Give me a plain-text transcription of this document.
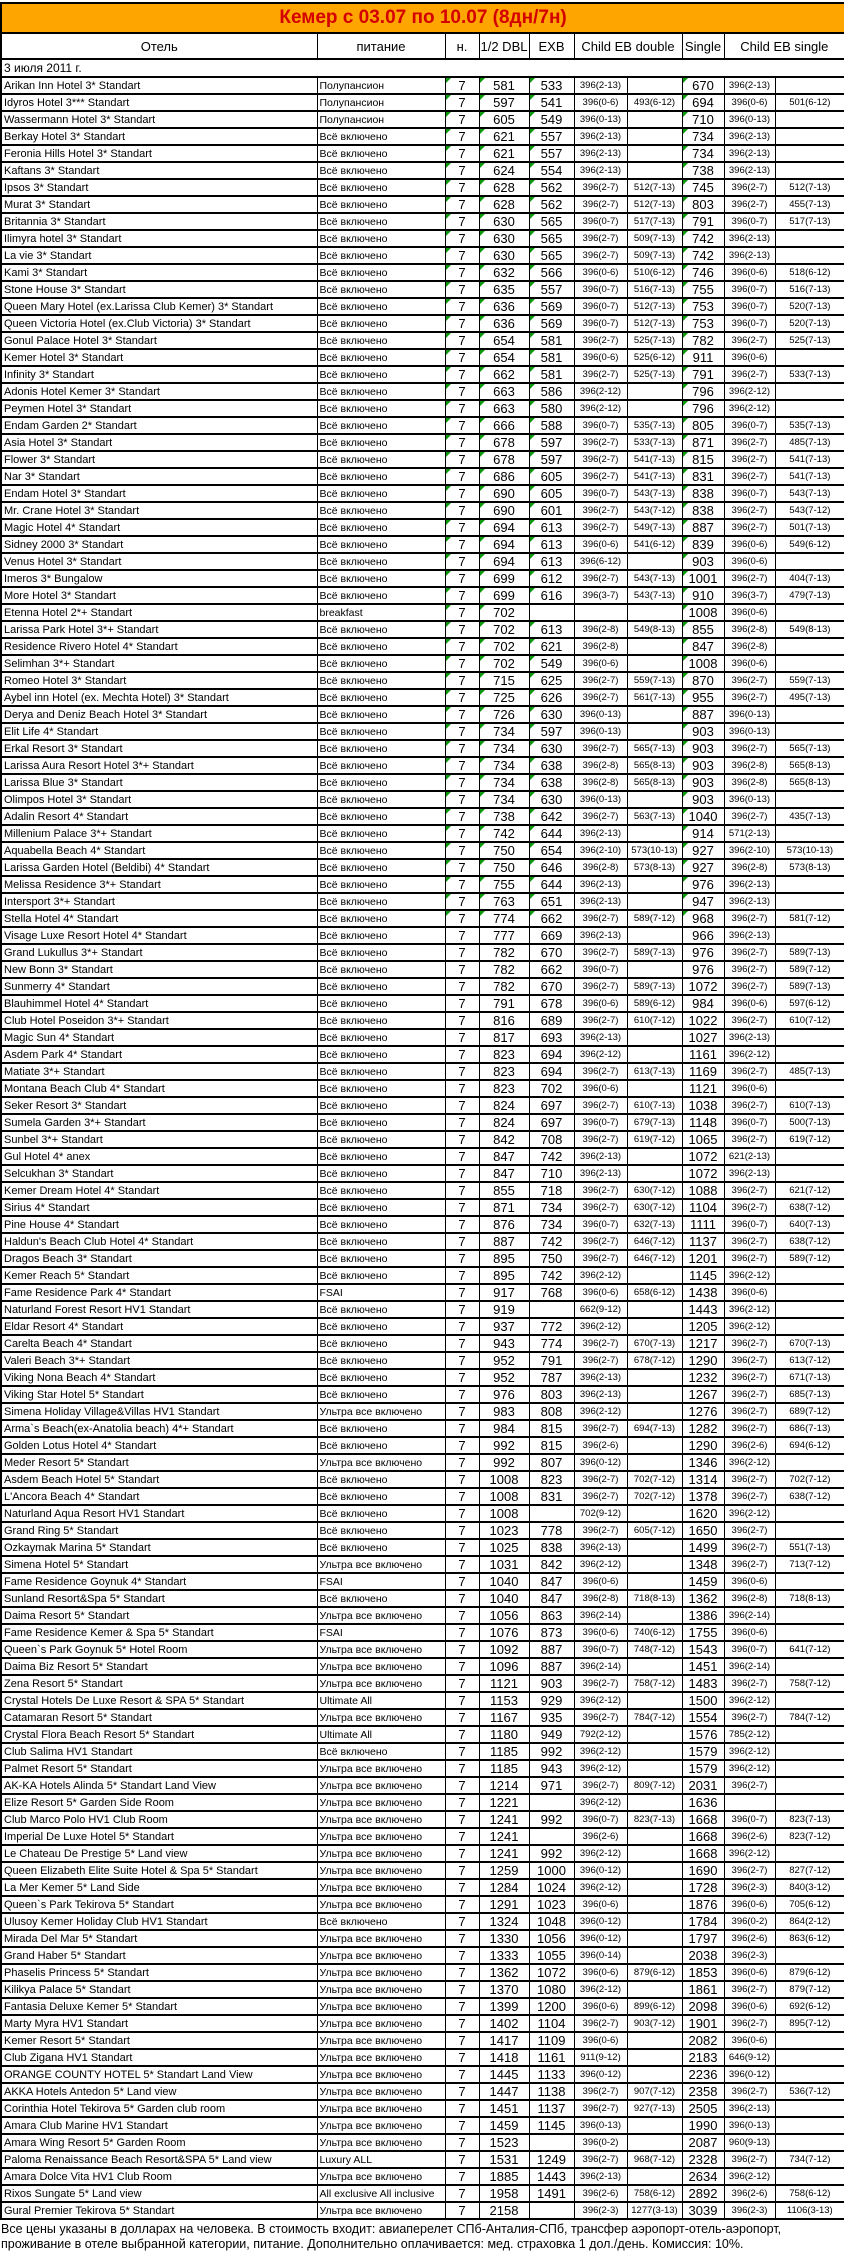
Кемер с 03.07 по 10.07 (8дн/7н)									
Отель	питание	н.	1/2 DBL	EXB	Child EB double		Single	Child EB single	
3 июля 2011 г.									
Arikan Inn Hotel 3* Standart	Полупансион	7	581	533	396(2-13)		670	396(2-13)	
Idyros Hotel 3*** Standart	Полупансион	7	597	541	396(0-6)	493(6-12)	694	396(0-6)	501(6-12)
Wassermann Hotel 3* Standart	Полупансион	7	605	549	396(0-13)		710	396(0-13)	
Berkay Hotel 3* Standart	Всё включено	7	621	557	396(2-13)		734	396(2-13)	
Feronia Hills Hotel 3* Standart	Всё включено	7	621	557	396(2-13)		734	396(2-13)	
Kaftans 3* Standart	Всё включено	7	624	554	396(2-13)		738	396(2-13)	
Ipsos 3* Standart	Всё включено	7	628	562	396(2-7)	512(7-13)	745	396(2-7)	512(7-13)
Murat 3* Standart	Всё включено	7	628	562	396(2-7)	512(7-13)	803	396(2-7)	455(7-13)
Britannia 3* Standart	Всё включено	7	630	565	396(0-7)	517(7-13)	791	396(0-7)	517(7-13)
Ilimyra hotel 3* Standart	Всё включено	7	630	565	396(2-7)	509(7-13)	742	396(2-13)	
La vie 3* Standart	Всё включено	7	630	565	396(2-7)	509(7-13)	742	396(2-13)	
Kami 3* Standart	Всё включено	7	632	566	396(0-6)	510(6-12)	746	396(0-6)	518(6-12)
Stone House 3* Standart	Всё включено	7	635	557	396(0-7)	516(7-13)	755	396(0-7)	516(7-13)
Queen Mary Hotel (ex.Larissa Club Kemer) 3* Standart	Всё включено	7	636	569	396(0-7)	512(7-13)	753	396(0-7)	520(7-13)
Queen Victoria Hotel (ex.Club Victoria) 3* Standart	Всё включено	7	636	569	396(0-7)	512(7-13)	753	396(0-7)	520(7-13)
Gonul Palace Hotel 3* Standart	Всё включено	7	654	581	396(2-7)	525(7-13)	782	396(2-7)	525(7-13)
Kemer Hotel 3* Standart	Всё включено	7	654	581	396(0-6)	525(6-12)	911	396(0-6)	
Infinity 3* Standart	Всё включено	7	662	581	396(2-7)	525(7-13)	791	396(2-7)	533(7-13)
Adonis Hotel Kemer 3* Standart	Всё включено	7	663	586	396(2-12)		796	396(2-12)	
Peymen Hotel 3* Standart	Всё включено	7	663	580	396(2-12)		796	396(2-12)	
Endam Garden 2* Standart	Всё включено	7	666	588	396(0-7)	535(7-13)	805	396(0-7)	535(7-13)
Asia Hotel 3* Standart	Всё включено	7	678	597	396(2-7)	533(7-13)	871	396(2-7)	485(7-13)
Flower 3* Standart	Всё включено	7	678	597	396(2-7)	541(7-13)	815	396(2-7)	541(7-13)
Nar 3* Standart	Всё включено	7	686	605	396(2-7)	541(7-13)	831	396(2-7)	541(7-13)
Endam Hotel 3* Standart	Всё включено	7	690	605	396(0-7)	543(7-13)	838	396(0-7)	543(7-13)
Mr. Crane Hotel 3* Standart	Всё включено	7	690	601	396(2-7)	543(7-12)	838	396(2-7)	543(7-12)
Magic Hotel 4* Standart	Всё включено	7	694	613	396(2-7)	549(7-13)	887	396(2-7)	501(7-13)
Sidney 2000 3* Standart	Всё включено	7	694	613	396(0-6)	541(6-12)	839	396(0-6)	549(6-12)
Venus Hotel 3* Standart	Всё включено	7	694	613	396(6-12)		903	396(0-6)	
Imeros 3* Bungalow	Всё включено	7	699	612	396(2-7)	543(7-13)	1001	396(2-7)	404(7-13)
More Hotel 3* Standart	Всё включено	7	699	616	396(3-7)	543(7-13)	910	396(3-7)	479(7-13)
Etenna Hotel 2*+ Standart	breakfast	7	702				1008	396(0-6)	
Larissa Park Hotel 3*+ Standart	Всё включено	7	702	613	396(2-8)	549(8-13)	855	396(2-8)	549(8-13)
Residence Rivero Hotel 4* Standart	Всё включено	7	702	621	396(2-8)		847	396(2-8)	
Selimhan 3*+ Standart	Всё включено	7	702	549	396(0-6)		1008	396(0-6)	
Romeo Hotel 3* Standart	Всё включено	7	715	625	396(2-7)	559(7-13)	870	396(2-7)	559(7-13)
Aybel inn Hotel (ex. Mechta Hotel) 3* Standart	Всё включено	7	725	626	396(2-7)	561(7-13)	955	396(2-7)	495(7-13)
Derya and Deniz Beach Hotel 3* Standart	Всё включено	7	726	630	396(0-13)		887	396(0-13)	
Elit Life 4* Standart	Всё включено	7	734	597	396(0-13)		903	396(0-13)	
Erkal Resort 3* Standart	Всё включено	7	734	630	396(2-7)	565(7-13)	903	396(2-7)	565(7-13)
Larissa Aura Resort Hotel 3*+ Standart	Всё включено	7	734	638	396(2-8)	565(8-13)	903	396(2-8)	565(8-13)
Larissa Blue 3* Standart	Всё включено	7	734	638	396(2-8)	565(8-13)	903	396(2-8)	565(8-13)
Olimpos Hotel 3* Standart	Всё включено	7	734	630	396(0-13)		903	396(0-13)	
Adalin Resort 4* Standart	Всё включено	7	738	642	396(2-7)	563(7-13)	1040	396(2-7)	435(7-13)
Millenium Palace 3*+ Standart	Всё включено	7	742	644	396(2-13)		914	571(2-13)	
Aquabella Beach 4* Standart	Всё включено	7	750	654	396(2-10)	573(10-13)	927	396(2-10)	573(10-13)
Larissa Garden Hotel (Beldibi) 4* Standart	Всё включено	7	750	646	396(2-8)	573(8-13)	927	396(2-8)	573(8-13)
Melissa Residence 3*+ Standart	Всё включено	7	755	644	396(2-13)		976	396(2-13)	
Intersport 3*+ Standart	Всё включено	7	763	651	396(2-13)		947	396(2-13)	
Stella Hotel 4* Standart	Всё включено	7	774	662	396(2-7)	589(7-12)	968	396(2-7)	581(7-12)
Visage Luxe Resort Hotel 4* Standart	Всё включено	7	777	669	396(2-13)		966	396(2-13)	
Grand Lukullus 3*+ Standart	Всё включено	7	782	670	396(2-7)	589(7-13)	976	396(2-7)	589(7-13)
New Bonn 3* Standart	Всё включено	7	782	662	396(0-7)		976	396(2-7)	589(7-12)
Sunmerry 4* Standart	Всё включено	7	782	670	396(2-7)	589(7-13)	1072	396(2-7)	589(7-13)
Blauhimmel Hotel 4* Standart	Всё включено	7	791	678	396(0-6)	589(6-12)	984	396(0-6)	597(6-12)
Club Hotel Poseidon 3*+ Standart	Всё включено	7	816	689	396(2-7)	610(7-12)	1022	396(2-7)	610(7-12)
Magic Sun 4* Standart	Всё включено	7	817	693	396(2-13)		1027	396(2-13)	
Asdem Park 4* Standart	Всё включено	7	823	694	396(2-12)		1161	396(2-12)	
Matiate 3*+ Standart	Всё включено	7	823	694	396(2-7)	613(7-13)	1169	396(2-7)	485(7-13)
Montana Beach Club 4* Standart	Всё включено	7	823	702	396(0-6)		1121	396(0-6)	
Seker Resort 3* Standart	Всё включено	7	824	697	396(2-7)	610(7-13)	1038	396(2-7)	610(7-13)
Sumela Garden 3*+ Standart	Всё включено	7	824	697	396(0-7)	679(7-13)	1148	396(0-7)	500(7-13)
Sunbel 3*+ Standart	Всё включено	7	842	708	396(2-7)	619(7-12)	1065	396(2-7)	619(7-12)
Gul Hotel 4* anex	Всё включено	7	847	742	396(2-13)		1072	621(2-13)	
Selcukhan 3* Standart	Всё включено	7	847	710	396(2-13)		1072	396(2-13)	
Kemer Dream Hotel 4* Standart	Всё включено	7	855	718	396(2-7)	630(7-12)	1088	396(2-7)	621(7-12)
Sirius 4* Standart	Всё включено	7	871	734	396(2-7)	630(7-12)	1104	396(2-7)	638(7-12)
Pine House 4* Standart	Всё включено	7	876	734	396(0-7)	632(7-13)	1111	396(0-7)	640(7-13)
Haldun's Beach Club Hotel 4* Standart	Всё включено	7	887	742	396(2-7)	646(7-12)	1137	396(2-7)	638(7-12)
Dragos Beach 3* Standart	Всё включено	7	895	750	396(2-7)	646(7-12)	1201	396(2-7)	589(7-12)
Kemer Reach 5* Standart	Всё включено	7	895	742	396(2-12)		1145	396(2-12)	
Fame Residence Park 4* Standart	FSAI	7	917	768	396(0-6)	658(6-12)	1438	396(0-6)	
Naturland Forest Resort HV1 Standart	Всё включено	7	919		662(9-12)		1443	396(2-12)	
Eldar Resort 4* Standart	Всё включено	7	937	772	396(2-12)		1205	396(2-12)	
Carelta Beach 4* Standart	Всё включено	7	943	774	396(2-7)	670(7-13)	1217	396(2-7)	670(7-13)
Valeri Beach 3*+ Standart	Всё включено	7	952	791	396(2-7)	678(7-12)	1290	396(2-7)	613(7-12)
Viking Nona Beach 4* Standart	Всё включено	7	952	787	396(2-13)		1232	396(2-7)	671(7-13)
Viking Star Hotel 5* Standart	Всё включено	7	976	803	396(2-13)		1267	396(2-7)	685(7-13)
Simena Holiday Village&Villas HV1 Standart	Ультра все включено	7	983	808	396(2-12)		1276	396(2-7)	689(7-12)
Arma`s Beach(ex-Anatolia beach) 4*+ Standart	Всё включено	7	984	815	396(2-7)	694(7-13)	1282	396(2-7)	686(7-13)
Golden Lotus Hotel 4* Standart	Всё включено	7	992	815	396(2-6)		1290	396(2-6)	694(6-12)
Meder Resort 5* Standart	Ультра все включено	7	992	807	396(0-12)		1346	396(2-12)	
Asdem Beach Hotel 5* Standart	Всё включено	7	1008	823	396(2-7)	702(7-12)	1314	396(2-7)	702(7-12)
L'Ancora Beach 4* Standart	Всё включено	7	1008	831	396(2-7)	702(7-12)	1378	396(2-7)	638(7-12)
Naturland Aqua Resort HV1 Standart	Всё включено	7	1008		702(9-12)		1620	396(2-12)	
Grand Ring 5* Standart	Всё включено	7	1023	778	396(2-7)	605(7-12)	1650	396(2-7)	
Ozkaymak Marina 5* Standart	Всё включено	7	1025	838	396(2-13)		1499	396(2-7)	551(7-13)
Simena Hotel 5* Standart	Ультра все включено	7	1031	842	396(2-12)		1348	396(2-7)	713(7-12)
Fame Residence Goynuk 4* Standart	FSAI	7	1040	847	396(0-6)		1459	396(0-6)	
Sunland Resort&Spa 5* Standart	Всё включено	7	1040	847	396(2-8)	718(8-13)	1362	396(2-8)	718(8-13)
Daima Resort 5* Standart	Ультра все включено	7	1056	863	396(2-14)		1386	396(2-14)	
Fame Residence Kemer & Spa 5* Standart	FSAI	7	1076	873	396(0-6)	740(6-12)	1755	396(0-6)	
Queen`s Park Goynuk 5* Hotel Room	Ультра все включено	7	1092	887	396(0-7)	748(7-12)	1543	396(0-7)	641(7-12)
Daima Biz Resort 5* Standart	Ультра все включено	7	1096	887	396(2-14)		1451	396(2-14)	
Zena Resort 5* Standart	Ультра все включено	7	1121	903	396(2-7)	758(7-12)	1483	396(2-7)	758(7-12)
Crystal Hotels De Luxe Resort & SPA 5* Standart	Ultimate All	7	1153	929	396(2-12)		1500	396(2-12)	
Catamaran Resort 5* Standart	Ультра все включено	7	1167	935	396(2-7)	784(7-12)	1554	396(2-7)	784(7-12)
Crystal Flora Beach Resort 5* Standart	Ultimate All	7	1180	949	792(2-12)		1576	785(2-12)	
Club Salima HV1 Standart	Всё включено	7	1185	992	396(2-12)		1579	396(2-12)	
Palmet Resort 5* Standart	Ультра все включено	7	1185	943	396(2-12)		1579	396(2-12)	
AK-KA Hotels Alinda 5* Standart Land View	Ультра все включено	7	1214	971	396(2-7)	809(7-12)	2031	396(2-7)	
Elize Resort 5* Garden Side Room	Ультра все включено	7	1221		396(2-12)		1636		
Club Marco Polo HV1 Club Room	Ультра все включено	7	1241	992	396(0-7)	823(7-13)	1668	396(0-7)	823(7-13)
Imperial De Luxe Hotel 5* Standart	Ультра все включено	7	1241		396(2-6)		1668	396(2-6)	823(7-12)
Le Chateau De Prestige 5* Land view	Ультра все включено	7	1241	992	396(2-12)		1668	396(2-12)	
Queen Elizabeth Elite Suite Hotel & Spa 5* Standart	Ультра все включено	7	1259	1000	396(0-12)		1690	396(2-7)	827(7-12)
La Mer Kemer 5* Land Side	Ультра все включено	7	1284	1024	396(2-12)		1728	396(2-3)	840(3-12)
Queen`s Park Tekirova 5* Standart	Ультра все включено	7	1291	1023	396(0-6)		1876	396(0-6)	705(6-12)
Ulusoy Kemer Holiday Club HV1 Standart	Всё включено	7	1324	1048	396(0-12)		1784	396(0-2)	864(2-12)
Mirada Del Mar 5* Standart	Ультра все включено	7	1330	1056	396(0-12)		1797	396(2-6)	863(6-12)
Grand Haber 5* Standart	Ультра все включено	7	1333	1055	396(0-14)		2038	396(2-3)	
Phaselis Princess 5* Standart	Ультра все включено	7	1362	1072	396(0-6)	879(6-12)	1853	396(0-6)	879(6-12)
Kilikya Palace 5* Standart	Ультра все включено	7	1370	1080	396(2-12)		1861	396(2-7)	879(7-12)
Fantasia Deluxe Kemer 5* Standart	Ультра все включено	7	1399	1200	396(0-6)	899(6-12)	2098	396(0-6)	692(6-12)
Marty Myra HV1 Standart	Ультра все включено	7	1402	1104	396(2-7)	903(7-12)	1901	396(2-7)	895(7-12)
Kemer Resort 5* Standart	Ультра все включено	7	1417	1109	396(0-6)		2082	396(0-6)	
Club Zigana HV1 Standart	Ультра все включено	7	1418	1161	911(9-12)		2183	646(9-12)	
ORANGE COUNTY HOTEL 5* Standart Land View	Ультра все включено	7	1445	1133	396(0-12)		2236	396(0-12)	
AKKA Hotels Antedon 5* Land view	Ультра все включено	7	1447	1138	396(2-7)	907(7-12)	2358	396(2-7)	536(7-12)
Corinthia Hotel Tekirova 5* Garden club room	Ультра все включено	7	1451	1137	396(2-7)	927(7-13)	2505	396(2-13)	
Amara Club Marine HV1 Standart	Ультра все включено	7	1459	1145	396(0-13)		1990	396(0-13)	
Amara Wing Resort 5* Garden Room	Ультра все включено	7	1523		396(0-2)		2087	960(9-13)	
Paloma Renaissance Beach Resort&SPA 5* Land view	Luxury ALL	7	1531	1249	396(2-7)	968(7-12)	2328	396(2-7)	734(7-12)
Amara Dolce Vita HV1 Club Room	Ультра все включено	7	1885	1443	396(2-13)		2634	396(2-12)	
Rixos Sungate 5* Land view	All exclusive All inclusive	7	1958	1491	396(2-6)	758(6-12)	2892	396(2-6)	758(6-12)
Gural Premier Tekirova 5* Standart	Ультра все включено	7	2158		396(2-3)	1277(3-13)	3039	396(2-3)	1106(3-13)
Все цены указаны в долларах на человека. В стоимость входит: авиаперелет СПб-Анталия-СПб, трансфер аэропорт-отель-аэропорт, проживание в отеле выбранной категории, питание. Дополнительно оплачивается: мед. страховка 1 дол./день. Комиссия: 10%.
